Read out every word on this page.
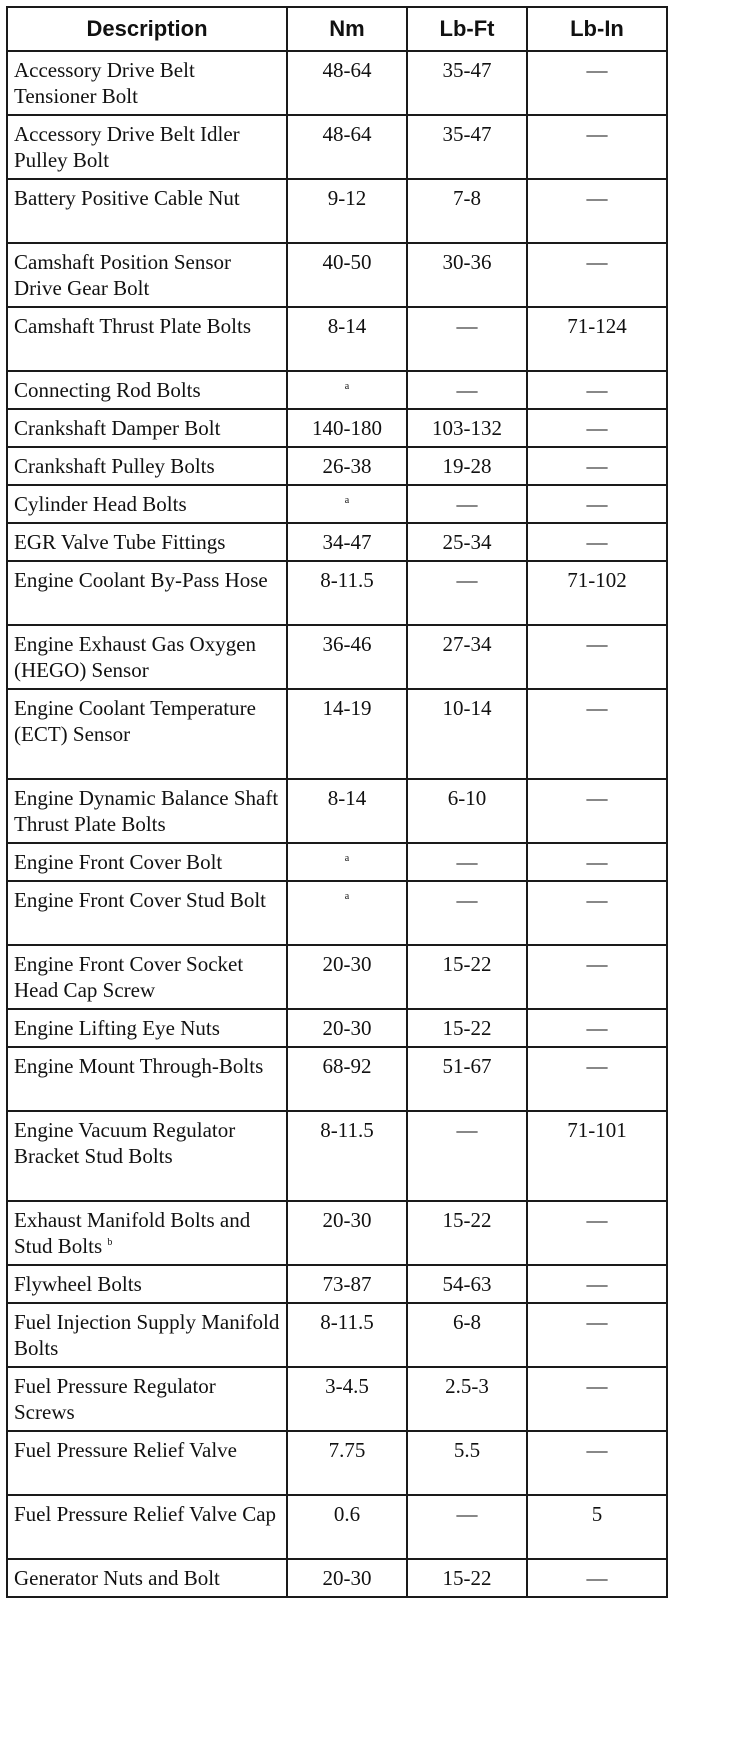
Description	Nm	Lb-Ft	Lb-In
Accessory Drive Belt Tensioner Bolt	48-64	35-47	—
Accessory Drive Belt Idler Pulley Bolt	48-64	35-47	—
Battery Positive Cable Nut	9-12	7-8	—
Camshaft Position Sensor Drive Gear Bolt	40-50	30-36	—
Camshaft Thrust Plate Bolts	8-14	—	71-124
Connecting Rod Bolts	$^a$	—	—
Crankshaft Damper Bolt	140-180	103-132	—
Crankshaft Pulley Bolts	26-38	19-28	—
Cylinder Head Bolts	$^a$	—	—
EGR Valve Tube Fittings	34-47	25-34	—
Engine Coolant By-Pass Hose	8-11.5	—	71-102
Engine Exhaust Gas Oxygen (HEGO) Sensor	36-46	27-34	—
Engine Coolant Temperature (ECT) Sensor	14-19	10-14	—
Engine Dynamic Balance Shaft Thrust Plate Bolts	8-14	6-10	—
Engine Front Cover Bolt	$^a$	—	—
Engine Front Cover Stud Bolt	$^a$	—	—
Engine Front Cover Socket Head Cap Screw	20-30	15-22	—
Engine Lifting Eye Nuts	20-30	15-22	—
Engine Mount Through-Bolts	68-92	51-67	—
Engine Vacuum Regulator Bracket Stud Bolts	8-11.5	—	71-101
Exhaust Manifold Bolts and Stud Bolts $^b$	20-30	15-22	—
Flywheel Bolts	73-87	54-63	—
Fuel Injection Supply Manifold Bolts	8-11.5	6-8	—
Fuel Pressure Regulator Screws	3-4.5	2.5-3	—
Fuel Pressure Relief Valve	7.75	5.5	—
Fuel Pressure Relief Valve Cap	0.6	—	5
Generator Nuts and Bolt	20-30	15-22	—
